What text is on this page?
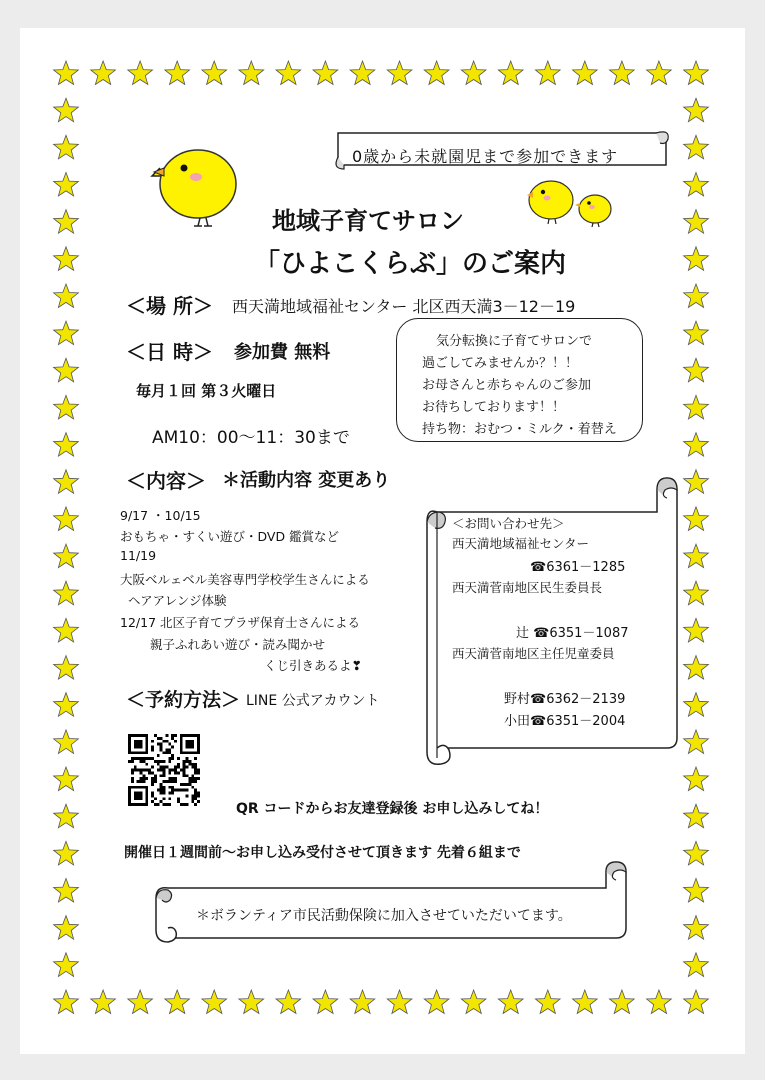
0歳から未就園児まで参加できます
地域子育てサロン
「ひよこくらぶ」のご案内
＜場 所＞ 西天満地域福祉センター 北区西天満3－12－19
＜日 時＞ 参加費 無料
毎月１回 第３火曜日
AM10：00～11：30まで
気分転換に子育てサロンで
過ごしてみませんか？！！
お母さんと赤ちゃんのご参加
お待ちしております！！
持ち物：おむつ・ミルク・着替え
＜内容＞ ＊活動内容 変更あり
9/17 ・10/15
おもちゃ・すくい遊び・DVD 鑑賞など
11/19
大阪ベルェベル美容専門学校学生さんによる
ヘアアレンジ体験
12/17 北区子育てプラザ保育士さんによる
親子ふれあい遊び・読み聞かせ
くじ引きあるよ❣
＜お問い合わせ先＞
西天満地域福祉センター
☎6361－1285
西天満菅南地区民生委員長
辻 ☎6351－1087
西天満菅南地区主任児童委員
野村☎6362－2139
小田☎6351－2004
＜予約方法＞ LINE 公式アカウント
QR コードからお友達登録後 お申し込みしてね！
開催日１週間前～お申し込み受付させて頂きます 先着６組まで
＊ボランティア市民活動保険に加入させていただいてます。
